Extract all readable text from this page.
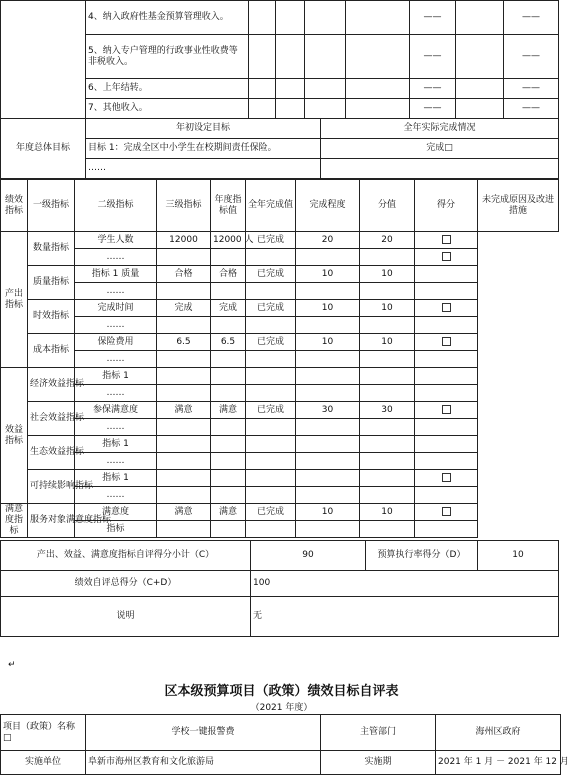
	4、纳入政府性基金预算管理收入。					——		——
	5、纳入专户管理的行政事业性收费等非税收入。					——		——
	6、上年结转。					——		——
	7、其他收入。					——		——
年度总体目标	年初设定目标	全年实际完成情况
	目标 1：完成全区中小学生在校期间责任保险。	完成□
	……	
绩效指标	一级指标	二级指标	三级指标	年度指标值	全年完成值	完成程度	分值	得分	未完成原因及改进措施
产出指标	数量指标	学生人数	12000	12000 人	已完成	20	20		
		……							
	质量指标	指标 1 质量	合格	合格	已完成	10	10		
		……							
	时效指标	完成时间	完成	完成	已完成	10	10		
		……							
	成本指标	保险费用	6.5	6.5	已完成	10	10		
		……							
效益指标	经济效益指标	指标 1							
		……							
	社会效益指标	参保满意度	满意	满意	已完成	30	30		
		……							
	生态效益指标	指标 1							
		……							
	可持续影响指标	指标 1							
		……							
满意度指标	服务对象满意度指标	满意度	满意	满意	已完成	10	10		
		指标							
产出、效益、满意度指标自评得分小计（C）	90	预算执行率得分（D）	10
绩效自评总得分（C+D）	100		
说明	无		
↵
区本级预算项目（政策）绩效目标自评表
（2021 年度）
项目（政策）名称□	学校一键报警费	主管部门	海州区政府
实施单位	阜新市海州区教育和文化旅游局	实施期	2021 年 1 月 － 2021 年 12 月
